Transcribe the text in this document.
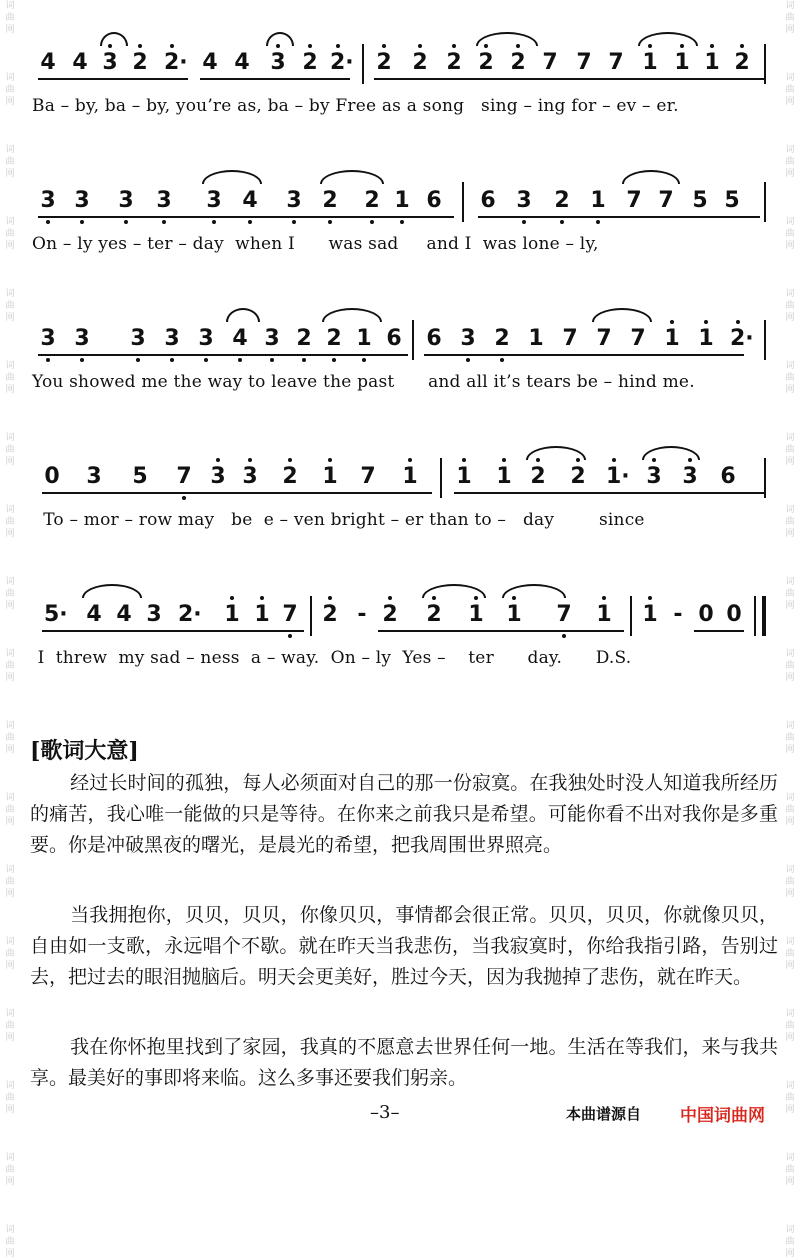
词曲网
词曲网
词曲网
词曲网
词曲网
词曲网
词曲网
词曲网
词曲网
词曲网
词曲网
词曲网
词曲网
词曲网
词曲网
词曲网
词曲网
词曲网
词曲网
词曲网
词曲网
词曲网
词曲网
词曲网
词曲网
词曲网
词曲网
词曲网
词曲网
词曲网
词曲网
词曲网
词曲网
词曲网
词曲网
词曲网
4 4 3 2 2· 4 4 3 2 2· 2 2 2 2 2 7 7 7 1 1 1 2
Ba – by, ba – by, you’re as, ba – by Free as a song   sing – ing for – ev – er.
3 3 3 3 3 4 3 2 2 1 6 6 3 2 1 7 7 5 5
On – ly yes – ter – day  when I      was sad     and I  was lone – ly,
3 3 3 3 3 4 3 2 2 1 6 6 3 2 1 7 7 7 1 1 2·
You showed me the way to leave the past      and all it’s tears be – hind me.
0 3 5 7 3 3 2 1 7 1 1 1 2 2 1· 3 3 6
To – mor – row may   be  e – ven bright – er than to –   day        since
5· 4 4 3 2· 1 1 7 2 - 2 2 1 1 7 1 1 - 0 0
I  threw  my sad – ness  a – way.  On – ly  Yes –    ter      day.      D.S.
[歌词大意]
经过长时间的孤独，每人必须面对自己的那一份寂寞。在我独处时没人知道我所经历的痛苦，我心唯一能做的只是等待。在你来之前我只是希望。可能你看不出对我你是多重要。你是冲破黑夜的曙光，是晨光的希望，把我周围世界照亮。
当我拥抱你，贝贝，贝贝，你像贝贝，事情都会很正常。贝贝，贝贝，你就像贝贝，自由如一支歌，永远唱个不歇。就在昨天当我悲伤，当我寂寞时，你给我指引路，告别过去，把过去的眼泪抛脑后。明天会更美好，胜过今天，因为我抛掉了悲伤，就在昨天。
我在你怀抱里找到了家园，我真的不愿意去世界任何一地。生活在等我们，来与我共享。最美好的事即将来临。这么多事还要我们躬亲。
–3–	本曲谱源自 中国词曲网
